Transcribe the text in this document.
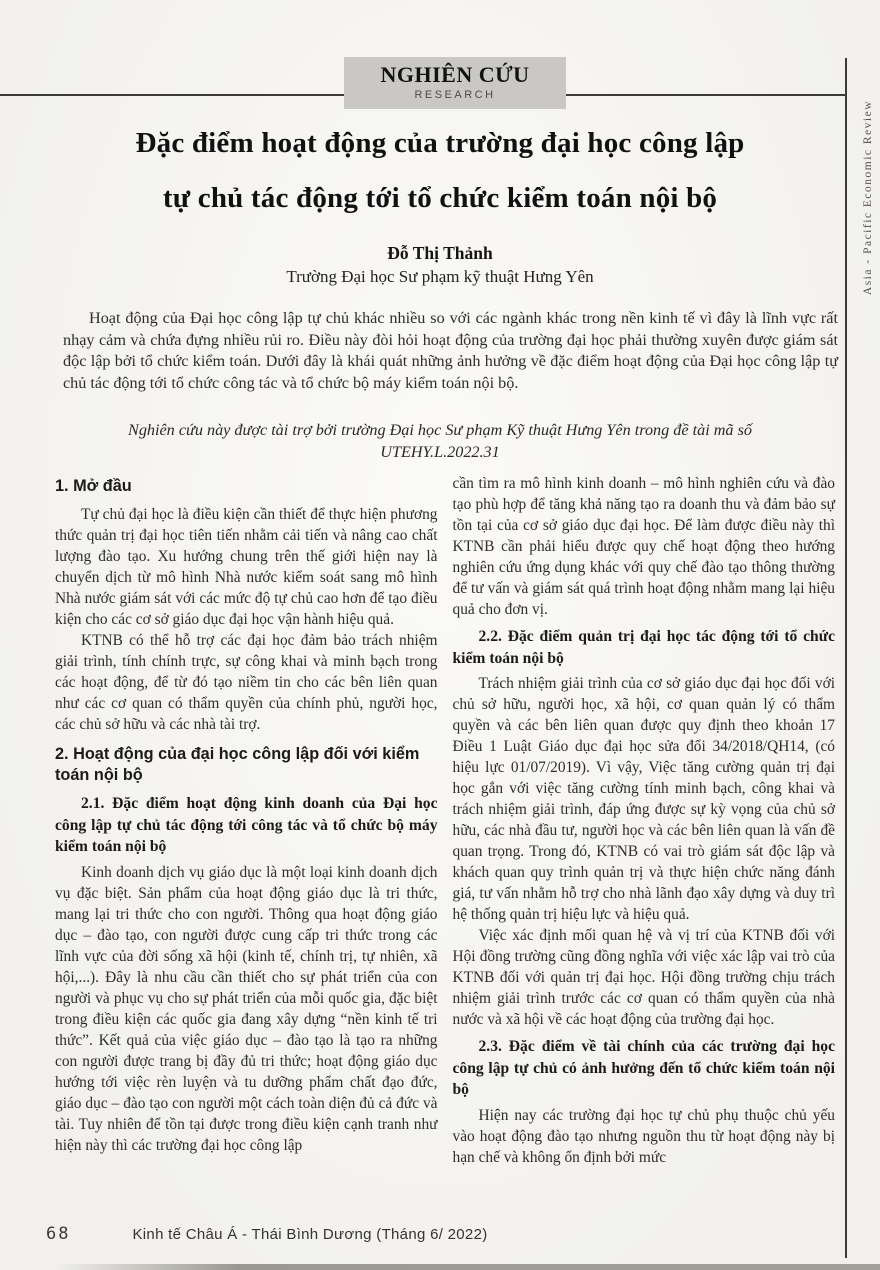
Asia - Pacific Economic Review
NGHIÊN CỨU
RESEARCH
Đặc điểm hoạt động của trường đại học công lập
tự chủ tác động tới tổ chức kiểm toán nội bộ
Đỗ Thị Thảnh
Trường Đại học Sư phạm kỹ thuật Hưng Yên

Hoạt động của Đại học công lập tự chủ khác nhiều so với các ngành khác trong nền kinh tế vì đây là lĩnh vực rất nhạy cảm và chứa đựng nhiều rủi ro. Điều này đòi hỏi hoạt động của trường đại học phải thường xuyên được giám sát độc lập bởi tổ chức kiểm toán. Dưới đây là khái quát những ảnh hưởng về đặc điểm hoạt động của Đại học công lập tự chủ tác động tới tổ chức công tác và tổ chức bộ máy kiểm toán nội bộ.

Nghiên cứu này được tài trợ bởi trường Đại học Sư phạm Kỹ thuật Hưng Yên trong đề tài mã số
UTEHY.L.2022.31
1. Mở đầu

Tự chủ đại học là điều kiện cần thiết để thực hiện phương thức quản trị đại học tiên tiến nhằm cải tiến và nâng cao chất lượng đào tạo. Xu hướng chung trên thế giới hiện nay là chuyển dịch từ mô hình Nhà nước kiểm soát sang mô hình Nhà nước giám sát với các mức độ tự chủ cao hơn để tạo điều kiện cho các cơ sở giáo dục đại học vận hành hiệu quả.

KTNB có thể hỗ trợ các đại học đảm bảo trách nhiệm giải trình, tính chính trực, sự công khai và minh bạch trong các hoạt động, để từ đó tạo niềm tin cho các bên liên quan như các cơ quan có thẩm quyền của chính phủ, người học, các chủ sở hữu và các nhà tài trợ.

2. Hoạt động của đại học công lập đối với kiểm toán nội bộ
2.1. Đặc điểm hoạt động kinh doanh của Đại học công lập tự chủ tác động tới công tác và tổ chức bộ máy kiểm toán nội bộ

Kinh doanh dịch vụ giáo dục là một loại kinh doanh dịch vụ đặc biệt. Sản phẩm của hoạt động giáo dục là tri thức, mang lại tri thức cho con người. Thông qua hoạt động giáo dục – đào tạo, con người được cung cấp tri thức trong các lĩnh vực của đời sống xã hội (kinh tế, chính trị, tự nhiên, xã hội,...). Đây là nhu cầu cần thiết cho sự phát triển của con người và phục vụ cho sự phát triển của mỗi quốc gia, đặc biệt trong điều kiện các quốc gia đang xây dựng “nền kinh tế tri thức”. Kết quả của việc giáo dục – đào tạo là tạo ra những con người được trang bị đầy đủ tri thức; hoạt động giáo dục hướng tới việc rèn luyện và tu dưỡng phẩm chất đạo đức, giáo dục – đào tạo con người một cách toàn diện đủ cả đức và tài. Tuy nhiên để tồn tại được trong điều kiện cạnh tranh như hiện này thì các trường đại học công lập

cần tìm ra mô hình kinh doanh – mô hình nghiên cứu và đào tạo phù hợp để tăng khả năng tạo ra doanh thu và đảm bảo sự tồn tại của cơ sở giáo dục đại học. Để làm được điều này thì KTNB cần phải hiểu được quy chế hoạt động theo hướng nghiên cứu ứng dụng khác với quy chế đào tạo thông thường để tư vấn và giám sát quá trình hoạt động nhằm mang lại hiệu quả cho đơn vị.

2.2. Đặc điểm quản trị đại học tác động tới tổ chức kiểm toán nội bộ

Trách nhiệm giải trình của cơ sở giáo dục đại học đối với chủ sở hữu, người học, xã hội, cơ quan quản lý có thẩm quyền và các bên liên quan được quy định theo khoản 17 Điều 1 Luật Giáo dục đại học sửa đổi 34/2018/QH14, (có hiệu lực 01/07/2019). Vì vậy, Việc tăng cường quản trị đại học gắn với việc tăng cường tính minh bạch, công khai và trách nhiệm giải trình, đáp ứng được sự kỳ vọng của chủ sở hữu, các nhà đầu tư, người học và các bên liên quan là vấn đề quan trọng. Trong đó, KTNB có vai trò giám sát độc lập và khách quan quy trình quản trị và thực hiện chức năng đánh giá, tư vấn nhằm hỗ trợ cho nhà lãnh đạo xây dựng và duy trì hệ thống quản trị hiệu lực và hiệu quả.

Việc xác định mối quan hệ và vị trí của KTNB đối với Hội đồng trường cũng đồng nghĩa với việc xác lập vai trò của KTNB đối với quản trị đại học. Hội đồng trường chịu trách nhiệm giải trình trước các cơ quan có thẩm quyền của nhà nước và xã hội về các hoạt động của trường đại học.

2.3. Đặc điểm về tài chính của các trường đại học công lập tự chủ có ảnh hưởng đến tổ chức kiểm toán nội bộ

Hiện nay các trường đại học tự chủ phụ thuộc chủ yếu vào hoạt động đào tạo nhưng nguồn thu từ hoạt động này bị hạn chế và không ổn định bởi mức

68	Kinh tế Châu Á - Thái Bình Dương (Tháng 6/ 2022)
